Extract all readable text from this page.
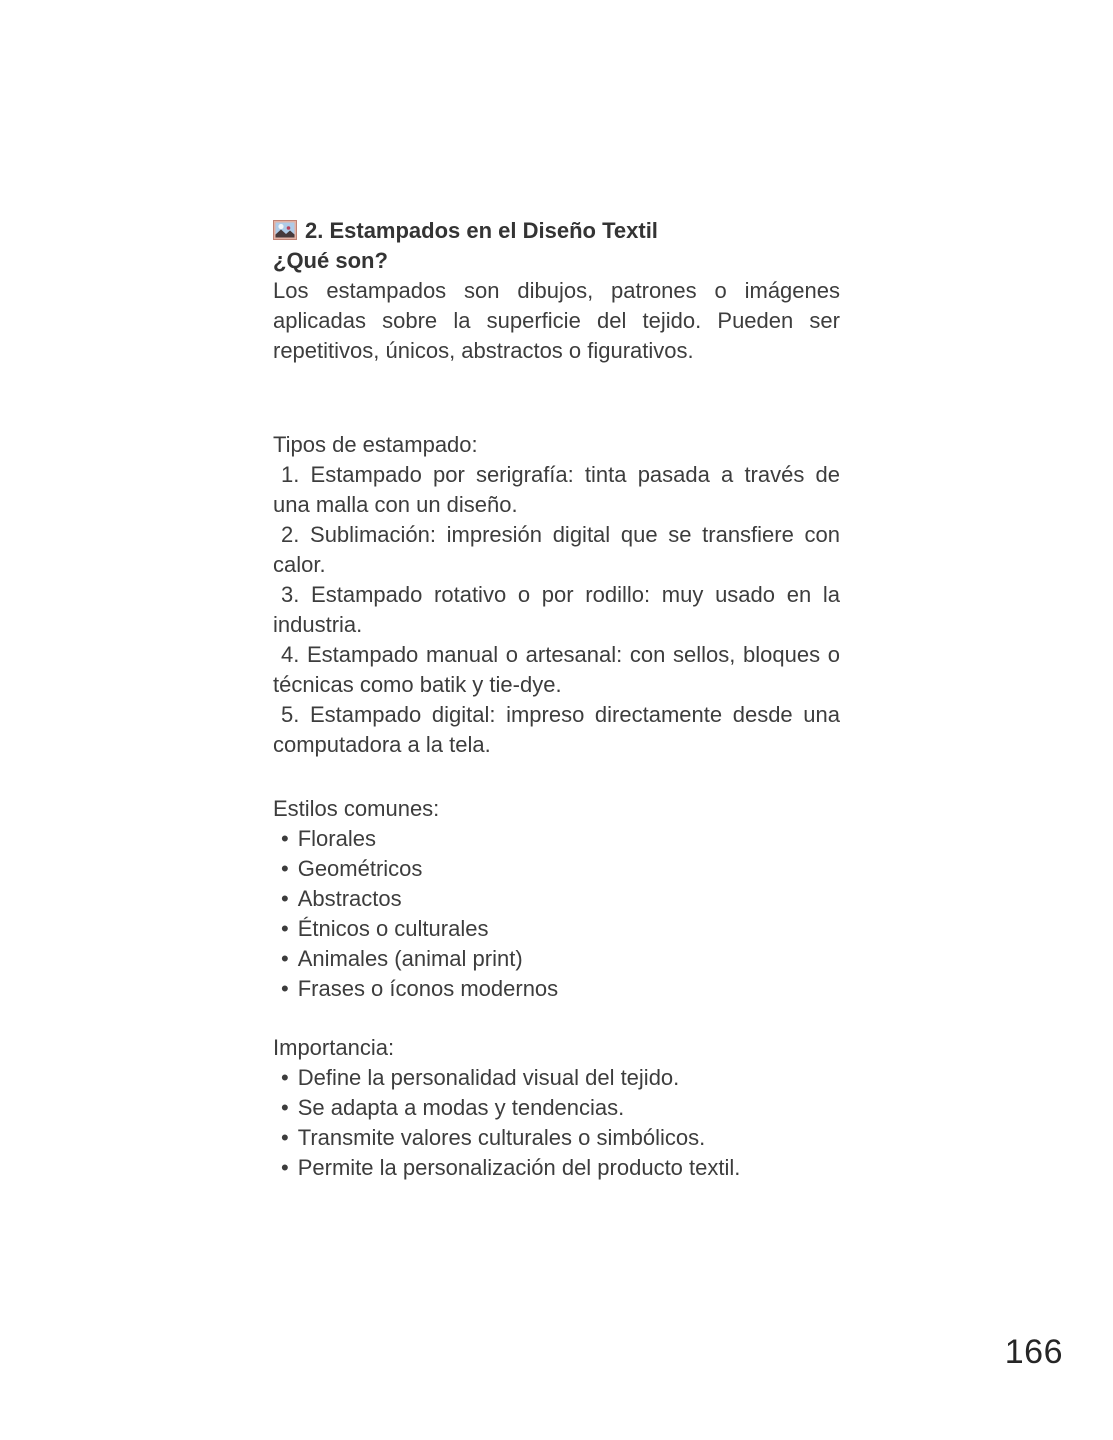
2. Estampados en el Diseño Textil
¿Qué son?

Los estampados son dibujos, patrones o imágenes aplicadas sobre la superficie del tejido. Pueden ser repetitivos, únicos, abstractos o figurativos.

Tipos de estampado:

1. Estampado por serigrafía: tinta pasada a través de una malla con un diseño.
2. Sublimación: impresión digital que se transfiere con calor.
3. Estampado rotativo o por rodillo: muy usado en la industria.
4. Estampado manual o artesanal: con sellos, bloques o técnicas como batik y tie-dye.
5. Estampado digital: impreso directamente desde una computadora a la tela.

Estilos comunes:

• Florales
• Geométricos
• Abstractos
• Étnicos o culturales
• Animales (animal print)
• Frases o íconos modernos

Importancia:

• Define la personalidad visual del tejido.
• Se adapta a modas y tendencias.
• Transmite valores culturales o simbólicos.
• Permite la personalización del producto textil.
166
